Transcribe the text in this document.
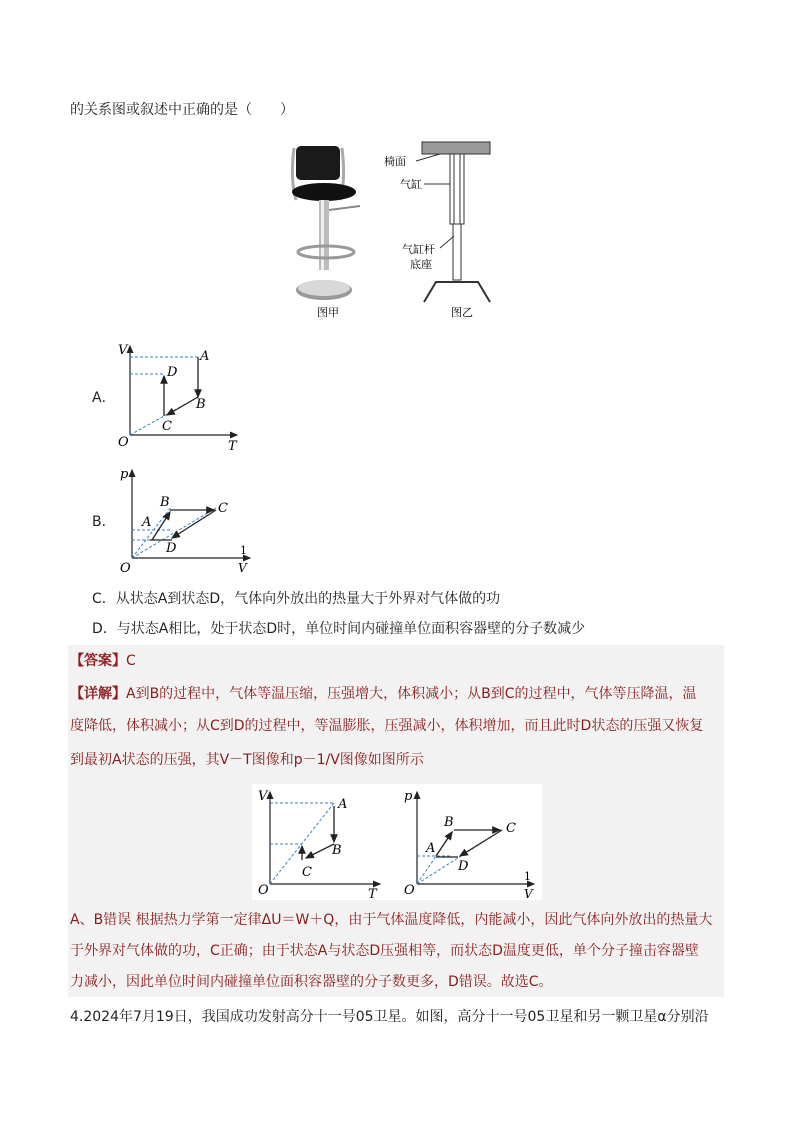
的关系图或叙述中正确的是（　　）
图甲
椅面
气缸
气缸杆
底座
图乙
A．
V
T
O
A
B
C
D
B．
p
O
1
V
A
B	C
D
C．从状态A到状态D，气体向外放出的热量大于外界对气体做的功
D．与状态A相比，处于状态D时，单位时间内碰撞单位面积容器壁的分子数减少
【答案】C
【详解】A到B的过程中，气体等温压缩，压强增大，体积减小；从B到C的过程中，气体等压降温，温
度降低，体积减小；从C到D的过程中，等温膨胀，压强减小，体积增加，而且此时D状态的压强又恢复
到最初A状态的压强，其V－T图像和p－1/V图像如图所示
V
T
O
A
B
C
p
O
A
B	C
D
1
V
A、B错误 根据热力学第一定律ΔU＝W＋Q，由于气体温度降低，内能减小，因此气体向外放出的热量大
于外界对气体做的功，C正确；由于状态A与状态D压强相等，而状态D温度更低，单个分子撞击容器壁
力减小，因此单位时间内碰撞单位面积容器壁的分子数更多，D错误。故选C。
4.2024年7月19日，我国成功发射高分十一号05卫星。如图，高分十一号05卫星和另一颗卫星α分别沿
